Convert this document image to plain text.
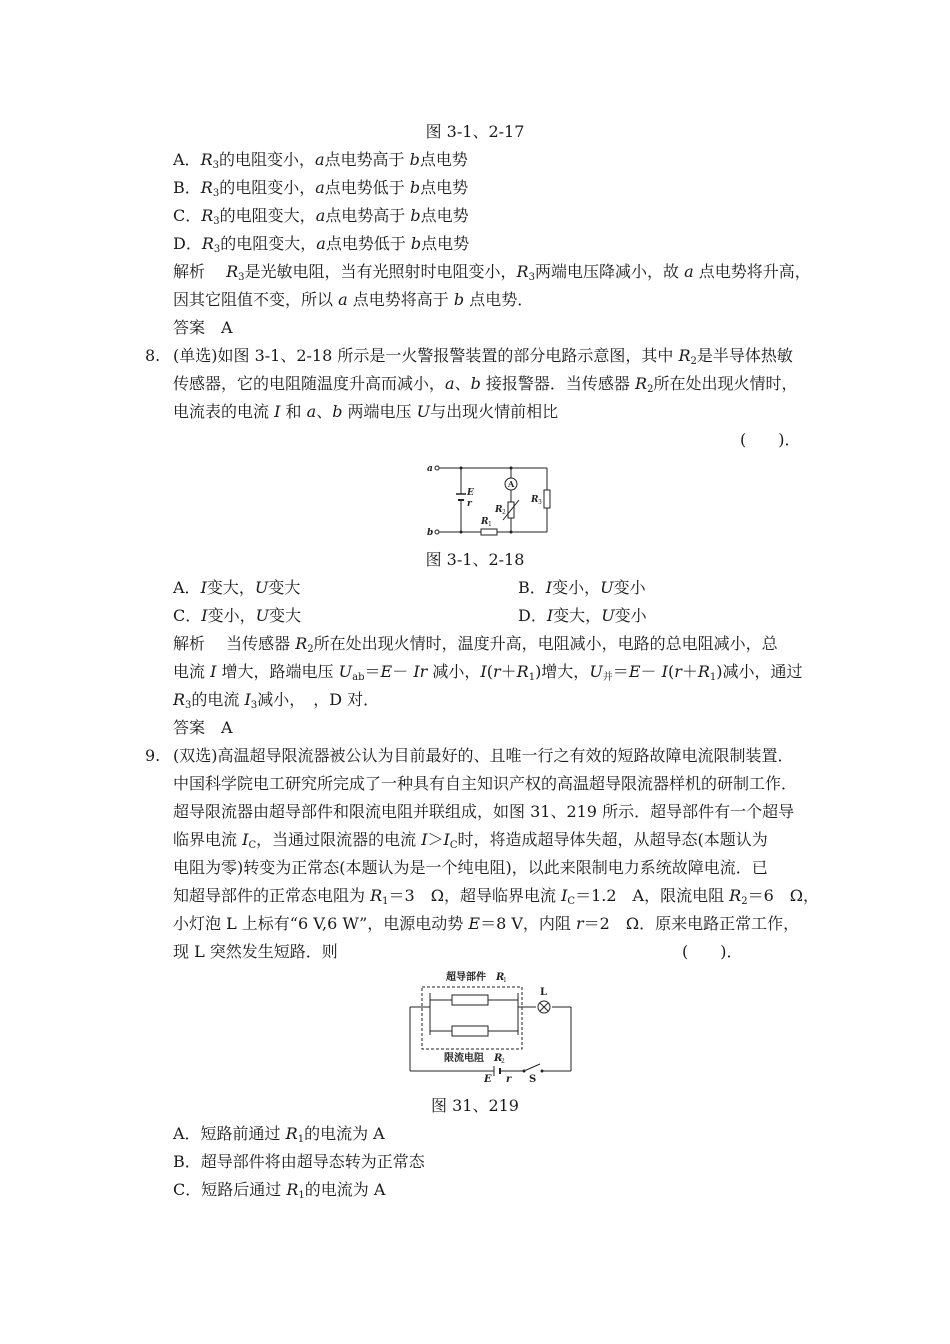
图 3-1、2-17
A．$R_3$的电阻变小，a点电势高于 b点电势
B．$R_3$的电阻变小，a点电势低于 b点电势
C．$R_3$的电阻变大，a点电势高于 b点电势
D．$R_3$的电阻变大，a点电势低于 b点电势
解析　 $R_3$是光敏电阻，当有光照射时电阻变小，$R_3$两端电压降减小，故 a 点电势将升高，
因其它阻值不变，所以 a 点电势将高于 b 点电势．
答案　A
8. (单选)如图 3-1、2-18 所示是一火警报警装置的部分电路示意图，其中 $R_2$是半导体热敏
传感器，它的电阻随温度升高而减小，a、b 接报警器．当传感器 $R_2$所在处出现火情时，
电流表的电流 I 和 a、b 两端电压 U与出现火情前相比
(　　)．
a
b
E
r
A
R
R
R
2
1
3
图 3-1、2-18
A．I变大，U变大	B．I变小，U变小
C．I变小，U变大	D．I变大，U变小
解析　 当传感器 $R_2$所在处出现火情时，温度升高，电阻减小，电路的总电阻减小，总
电流 I 增大，路端电压 $U_{ab}=E- Ir$ 减小，$I(r+R_1)$增大，$U_并=E- I(r+R_1)$减小，通过
$R_3$的电流 $I_3$减小，　，D 对．
答案　A
9. (双选)高温超导限流器被公认为目前最好的、且唯一行之有效的短路故障电流限制装置．
中国科学院电工研究所完成了一种具有自主知识产权的高温超导限流器样机的研制工作．
超导限流器由超导部件和限流电阻并联组成，如图 31、219 所示．超导部件有一个超导
临界电流 $I_C$，当通过限流器的电流 $I>I_C$时，将造成超导体失超，从超导态(本题认为
电阻为零)转变为正常态(本题认为是一个纯电阻)，以此来限制电力系统故障电流．已
知超导部件的正常态电阻为 $R_1=3$　Ω，超导临界电流 $I_C=1.2$　A，限流电阻 $R_2=6$　Ω，
小灯泡 L 上标有“6 V,6 W”，电源电动势 E＝8 V，内阻 r＝2　Ω．原来电路正常工作，
现 L 突然发生短路．则	(　　)．
超导部件
限流电阻
R
R
E r
1
2
L
S
图 31、219
A．短路前通过 $R_1$的电流为 A
B．超导部件将由超导态转为正常态
C．短路后通过 $R_1$的电流为 A
